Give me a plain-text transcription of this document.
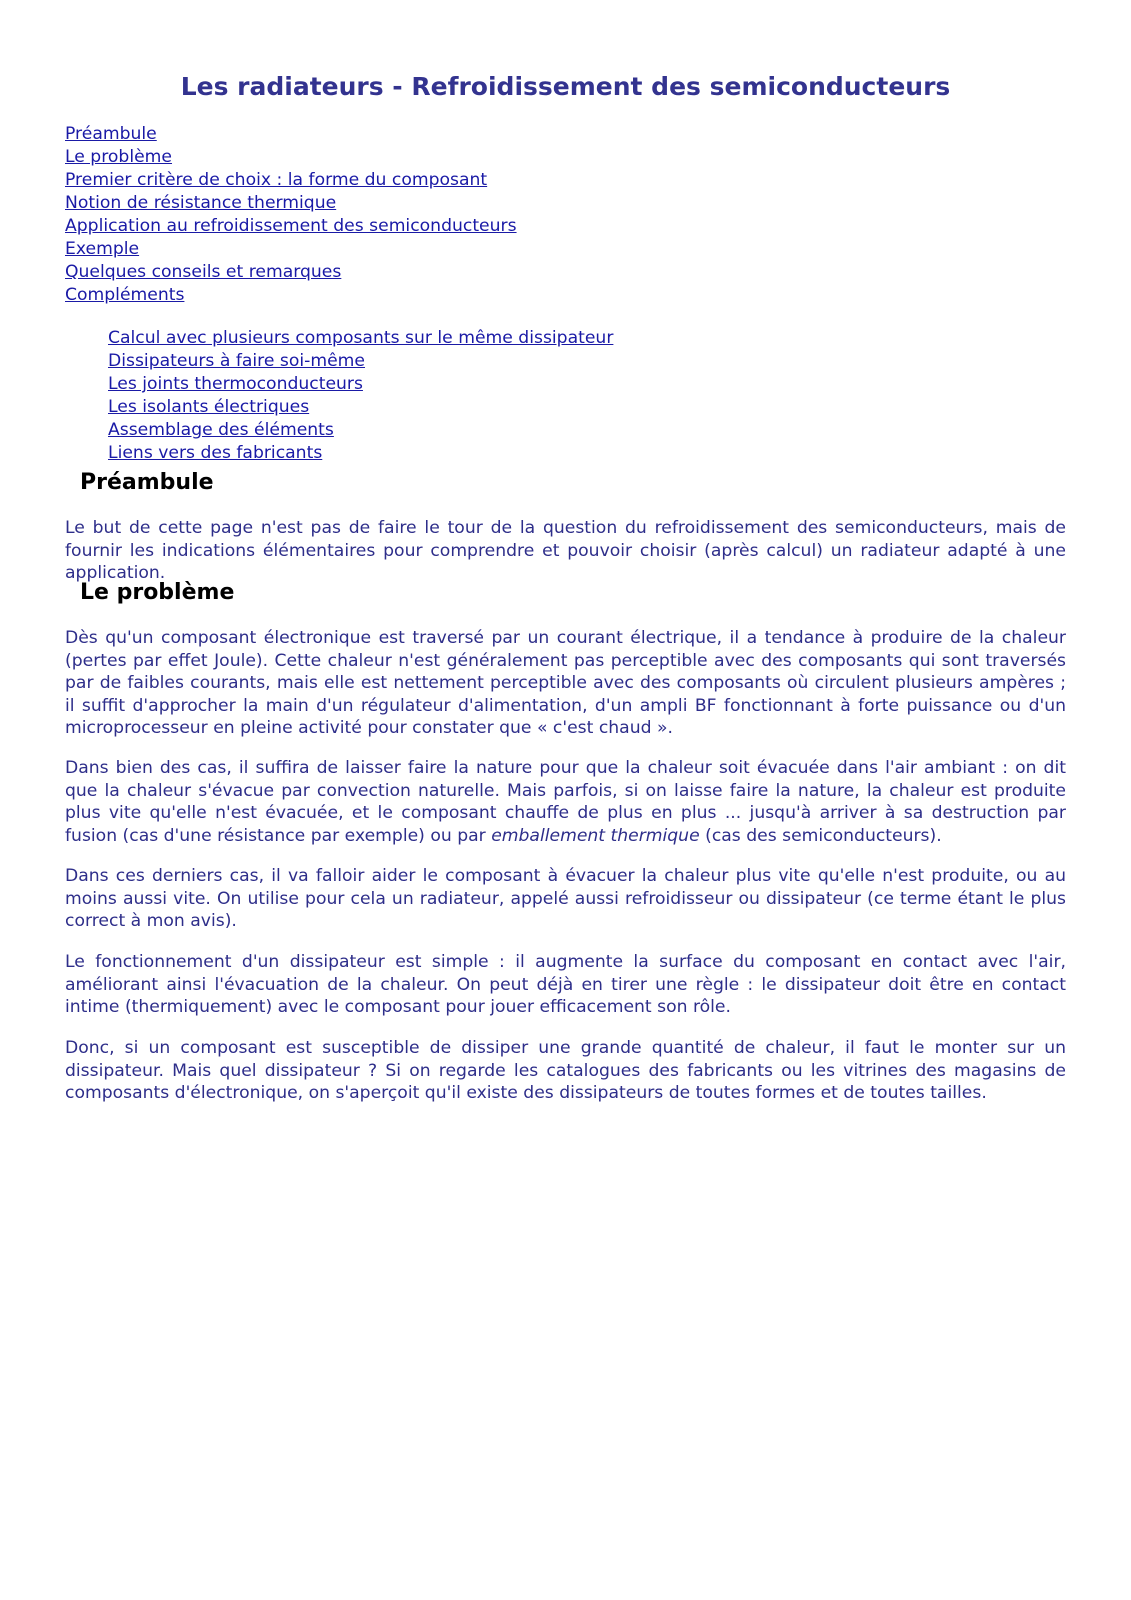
Les radiateurs - Refroidissement des semiconducteurs
Préambule
Le problème
Premier critère de choix : la forme du composant
Notion de résistance thermique
Application au refroidissement des semiconducteurs
Exemple
Quelques conseils et remarques
Compléments
Calcul avec plusieurs composants sur le même dissipateur
Dissipateurs à faire soi-même
Les joints thermoconducteurs
Les isolants électriques
Assemblage des éléments
Liens vers des fabricants
Préambule

Le but de cette page n'est pas de faire le tour de la question du refroidissement des semiconducteurs, mais de fournir les indications élémentaires pour comprendre et pouvoir choisir (après calcul) un radiateur adapté à une application.

Le problème

Dès qu'un composant électronique est traversé par un courant électrique, il a tendance à produire de la chaleur (pertes par effet Joule). Cette chaleur n'est généralement pas perceptible avec des composants qui sont traversés par de faibles courants, mais elle est nettement perceptible avec des composants où circulent plusieurs ampères ; il suffit d'approcher la main d'un régulateur d'alimentation, d'un ampli BF fonctionnant à forte puissance ou d'un microprocesseur en pleine activité pour constater que « c'est chaud ».

Dans bien des cas, il suffira de laisser faire la nature pour que la chaleur soit évacuée dans l'air ambiant : on dit que la chaleur s'évacue par convection naturelle. Mais parfois, si on laisse faire la nature, la chaleur est produite plus vite qu'elle n'est évacuée, et le composant chauffe de plus en plus ... jusqu'à arriver à sa destruction par fusion (cas d'une résistance par exemple) ou par emballement thermique (cas des semiconducteurs).

Dans ces derniers cas, il va falloir aider le composant à évacuer la chaleur plus vite qu'elle n'est produite, ou au moins aussi vite. On utilise pour cela un radiateur, appelé aussi refroidisseur ou dissipateur (ce terme étant le plus correct à mon avis).

Le fonctionnement d'un dissipateur est simple : il augmente la surface du composant en contact avec l'air, améliorant ainsi l'évacuation de la chaleur. On peut déjà en tirer une règle : le dissipateur doit être en contact intime (thermiquement) avec le composant pour jouer efficacement son rôle.

Donc, si un composant est susceptible de dissiper une grande quantité de chaleur, il faut le monter sur un dissipateur. Mais quel dissipateur ? Si on regarde les catalogues des fabricants ou les vitrines des magasins de composants d'électronique, on s'aperçoit qu'il existe des dissipateurs de toutes formes et de toutes tailles.
